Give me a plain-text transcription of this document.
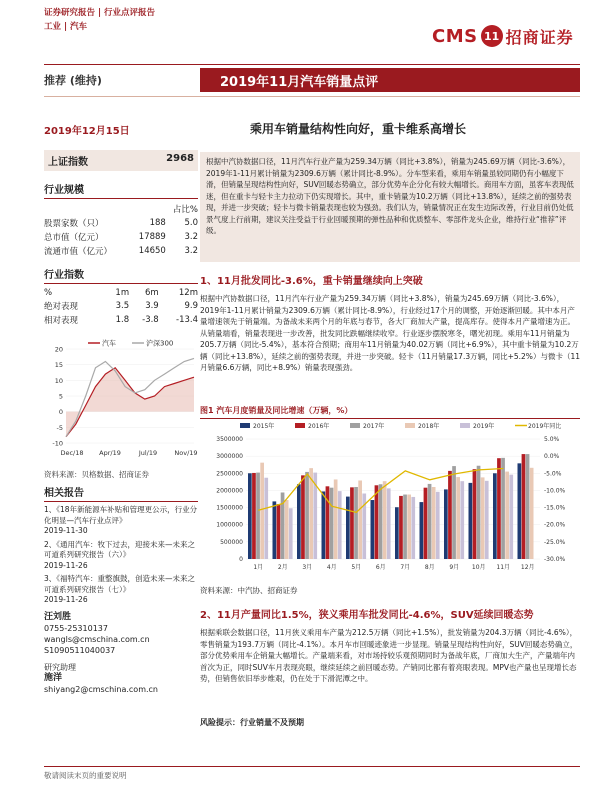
证券研究报告 | 行业点评报告
工业 | 汽车	CMS 11 招商证券
推荐 (维持)	2019年11月汽车销量点评
2019年12月15日	乘用车销量结构性向好，重卡维系高增长
上证指数	2968
行业规模
		占比%
股票家数（只）	188	5.0
总市值（亿元）	17889	3.2
流通市值（亿元）	14650	3.2
行业指数
%	1m	6m	12m
绝对表现	3.5	3.9	9.9
相对表现	1.8	-3.8	-13.4
20
15
10
5
0
-5
-10
Dec/18 Apr/19	Jul/19	Nov/19
汽车	沪深300
资料来源：贝格数据、招商证券
相关报告
1、《18年新能源车补贴和管理更公示，行业分化明显—汽车行业点评》
2019-11-30
2、《通用汽车：牧下过去，迎接未来—未来之可道系列研究报告（六）》
2019-11-26
3、《福特汽车：重整旗鼓，创造未来—未来之可道系列研究报告（七）》
2019-11-26
汪刘胜
0755-25310137
wangls@cmschina.com.cn
S1090511040037
研究助理
施洋
shiyang2@cmschina.com.cn
根据中汽协数据口径，11月汽车行业产量为259.34万辆（同比+3.8%），销量为245.69万辆（同比-3.6%），2019年1-11月累计销量为2309.6万辆（累计同比-8.9%）。分车型来看，乘用车销量虽较同期仍有小幅度下滑，但销量呈现结构性向好，SUV回暖态势确立，部分优势车企分化有较大幅增长。商用车方面，虽客车表现低迷，但在重卡与轻卡主力拉动下仍实现增长。其中，重卡销量为10.2万辆（同比+13.8%），延续之前的强势表现，并进一步突破；轻卡与微卡销量表现也较为强劲。我们认为，销量情况正在发生边际改善，行业目前仍处低景气度上行前期，建议关注受益于行业回暖预期的弹性品种和优质整车、零部件龙头企业，维持行业“推荐”评级。
1、11月批发同比-3.6%，重卡销量继续向上突破
根据中汽协数据口径，11月汽车行业产量为259.34万辆（同比+3.8%），销量为245.69万辆（同比-3.6%），2019年1-11月累计销量为2309.6万辆（累计同比-8.9%），行业经过17个月的调整，开始逐渐回暖。其中本月产量增速领先于销量端。为备战未来两个月的年底与春节，各大厂商加大产量，提高库存。使得本月产量增速为正。从销量端看，销量表现进一步改善，批发同比跌幅继续收窄。行业逐步摆脱寒冬，曙光初现。乘用车11月销量为205.7万辆（同比-5.4%），基本符合预期；商用车11月销量为40.02万辆（同比+6.9%），其中重卡销量为10.2万辆（同比+13.8%），延续之前的强势表现，并进一步突破。轻卡（11月销量17.3万辆，同比+5.2%）与微卡（11月销量6.6万辆，同比+8.9%）销量表现强劲。
图1 汽车月度销量及同比增速（万辆，%）
2015年	2016年	2017年	2018年	2019年	2019年同比
3500000
3000000
2500000
2000000
1500000
1000000
500000
0
5.0%
0.0%
-5.0%
-10.0%
-15.0%
-20.0%
-25.0%
-30.0%
1月 2月 3月 4月 5月 6月 7月 8月 9月 10月 11月 12月
资料来源：中汽协、招商证券
2、11月产量同比1.5%，狭义乘用车批发同比-4.6%，SUV延续回暖态势
根据乘联会数据口径，11月狭义乘用车产量为212.5万辆（同比+1.5%），批发销量为204.3万辆（同比-4.6%），零售销量为193.7万辆（同比-4.1%）。本月车市回暖迹象进一步显现。销量呈现结构性向好，SUV回暖态势确立，部分优势乘用车企销量大幅增长。产量端来看，对市场持较乐观预期同时为备战年底，厂商加大生产，产量端年内首次为正，同时SUV车月表现亮眼，继续延续之前回暖态势。产销同比都有着亮眼表现。MPV也产量也呈现增长态势，但销售依旧举步维艰，仍在处于下滑泥潭之中。
风险提示：行业销量不及预期
敬请阅读末页的重要说明
